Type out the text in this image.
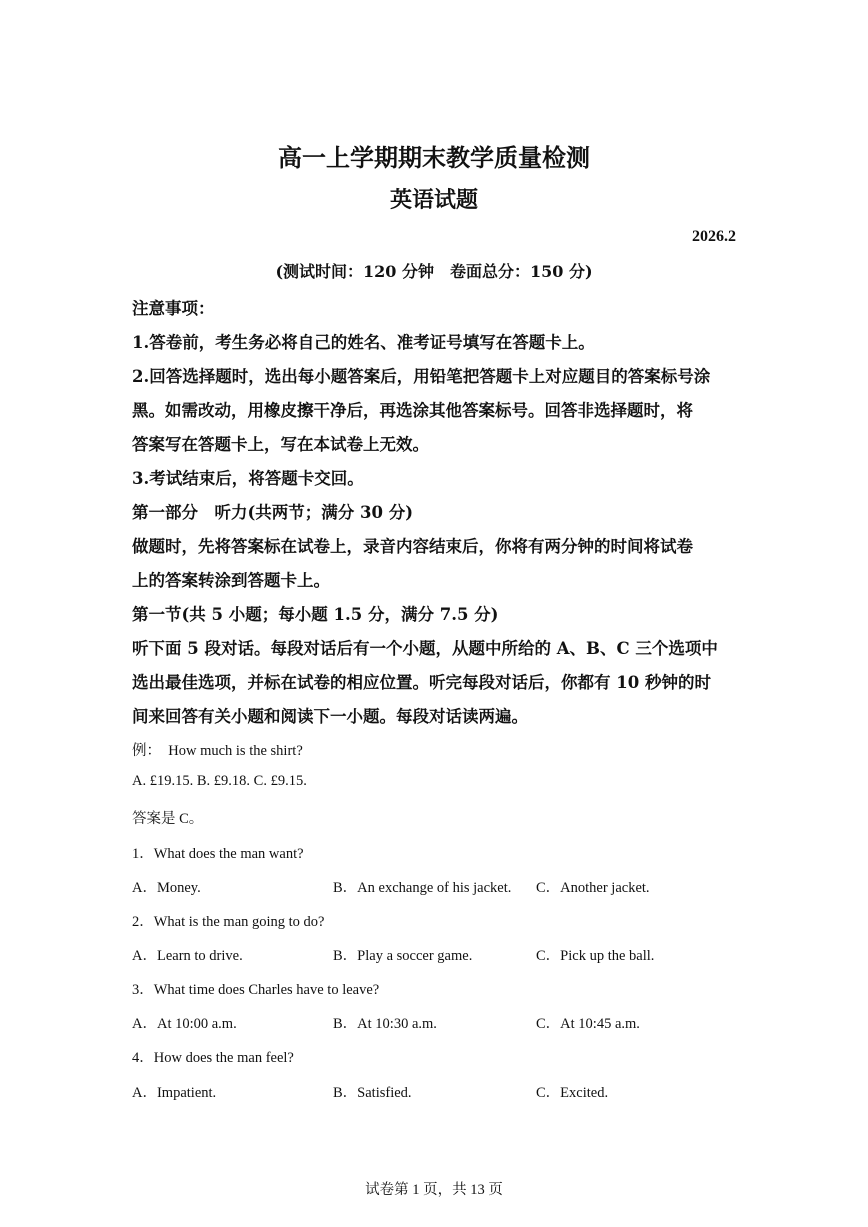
高一上学期期末教学质量检测
英语试题
2026.2
(测试时间：120 分钟　卷面总分：150 分)
注意事项：
1.答卷前，考生务必将自己的姓名、准考证号填写在答题卡上。
2.回答选择题时，选出每小题答案后，用铅笔把答题卡上对应题目的答案标号涂
黑。如需改动，用橡皮擦干净后，再选涂其他答案标号。回答非选择题时，将
答案写在答题卡上，写在本试卷上无效。
3.考试结束后，将答题卡交回。
第一部分　听力(共两节；满分 30 分)
做题时，先将答案标在试卷上，录音内容结束后，你将有两分钟的时间将试卷
上的答案转涂到答题卡上。
第一节(共 5 小题；每小题 1.5 分，满分 7.5 分)
听下面 5 段对话。每段对话后有一个小题，从题中所给的 A、B、C 三个选项中
选出最佳选项，并标在试卷的相应位置。听完每段对话后，你都有 10 秒钟的时
间来回答有关小题和阅读下一小题。每段对话读两遍。
例：　How much is the shirt?
A. £19.15. B. £9.18. C. £9.15.
答案是 C。
1．What does the man want?
A．Money.	B．An exchange of his jacket. C．Another jacket.
2．What is the man going to do?
A．Learn to drive.	B．Play a soccer game.	C．Pick up the ball.
3．What time does Charles have to leave?
A．At 10:00 a.m.	B．At 10:30 a.m.	C．At 10:45 a.m.
4．How does the man feel?
A．Impatient.	B．Satisfied.	C．Excited.
试卷第 1 页，共 13 页
